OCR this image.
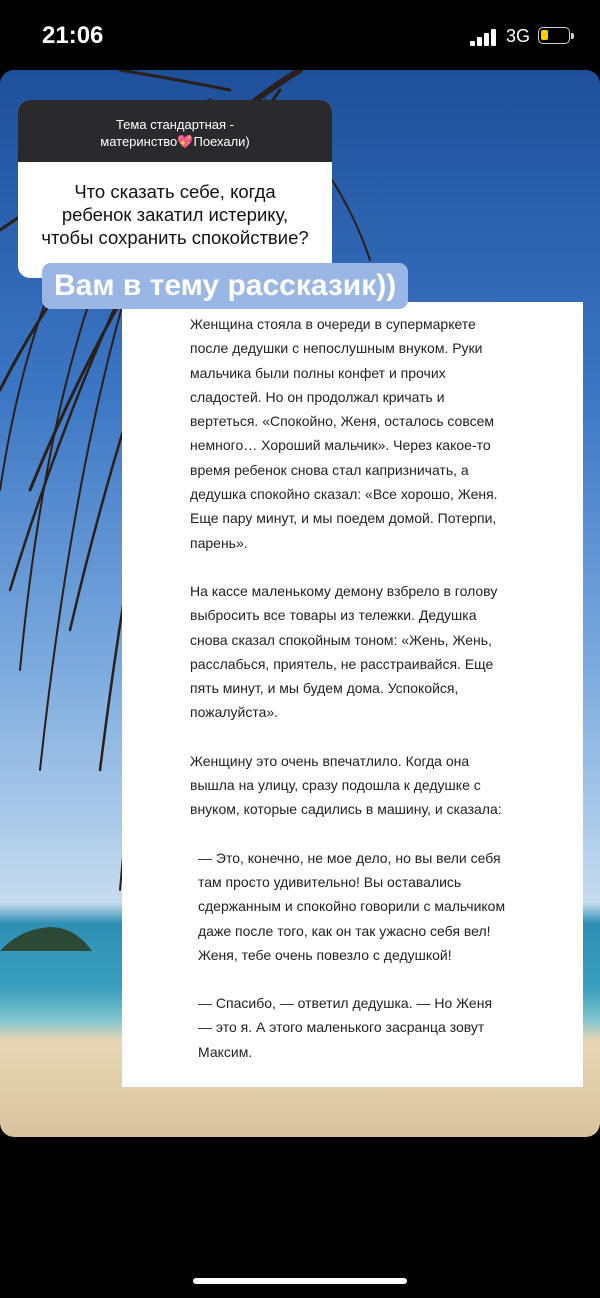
21:06	3G
Тема стандартная -
материнство💖Поехали)
Что сказать себе, когда
ребенок закатил истерику,
чтобы сохранить спокойствие?

Женщина стояла в очереди в супермаркете после дедушки с непослушным внуком. Руки мальчика были полны конфет и прочих сладостей. Но он продолжал кричать и вертеться. «Спокойно, Женя, осталось совсем немного… Хороший мальчик». Через какое-то время ребенок снова стал капризничать, а дедушка спокойно сказал: «Все хорошо, Женя. Еще пару минут, и мы поедем домой. Потерпи, парень».

На кассе маленькому демону взбрело в голову выбросить все товары из тележки. Дедушка снова сказал спокойным тоном: «Жень, Жень, расслабься, приятель, не расстраивайся. Еще пять минут, и мы будем дома. Успокойся, пожалуйста».

Женщину это очень впечатлило. Когда она вышла на улицу, сразу подошла к дедушке с внуком, которые садились в машину, и сказала:

— Это, конечно, не мое дело, но вы вели себя там просто удивительно! Вы оставались сдержанным и спокойно говорили с мальчиком даже после того, как он так ужасно себя вел! Женя, тебе очень повезло с дедушкой!

— Спасибо, — ответил дедушка. — Но Женя — это я. А этого маленького засранца зовут Максим.

Вам в тему рассказик))
